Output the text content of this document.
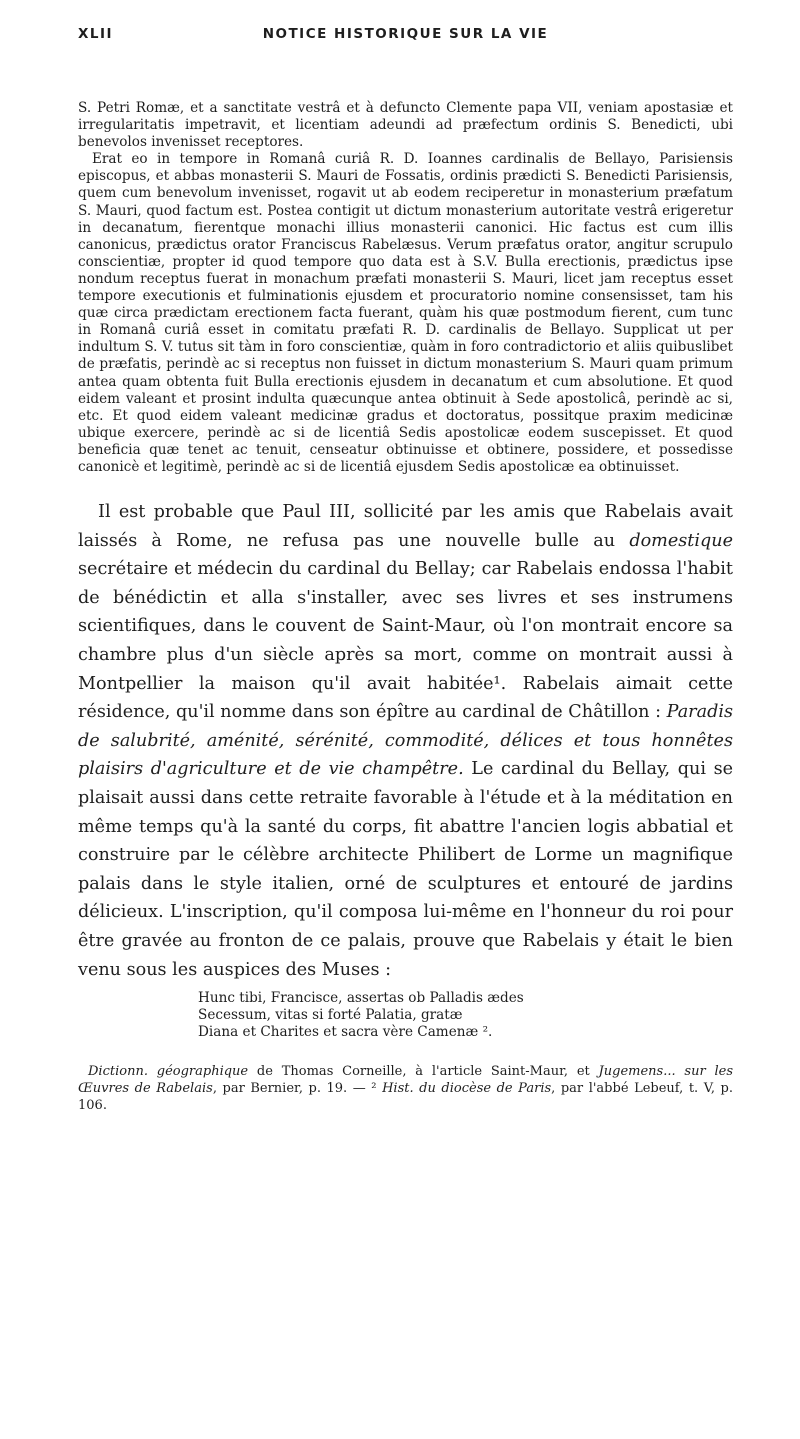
XLII	NOTICE HISTORIQUE SUR LA VIE

S. Petri Romæ, et a sanctitate vestrâ et à defuncto Clemente papa VII, veniam apostasiæ et irregularitatis impetravit, et licentiam adeundi ad præfectum ordinis S. Benedicti, ubi benevolos invenisset receptores.

Erat eo in tempore in Romanâ curiâ R. D. Ioannes cardinalis de Bellayo, Parisiensis episcopus, et abbas monasterii S. Mauri de Fossatis, ordinis prædicti S. Benedicti Parisiensis, quem cum benevolum invenisset, rogavit ut ab eodem reciperetur in monasterium præfatum S. Mauri, quod factum est. Postea contigit ut dictum monasterium autoritate vestrâ erigeretur in decanatum, fierentque monachi illius monasterii canonici. Hic factus est cum illis canonicus, prædictus orator Franciscus Rabelæsus. Verum præfatus orator, angitur scrupulo conscientiæ, propter id quod tempore quo data est à S.V. Bulla erectionis, prædictus ipse nondum receptus fuerat in monachum præfati monasterii S. Mauri, licet jam receptus esset tempore executionis et fulminationis ejusdem et procuratorio nomine consensisset, tam his quæ circa prædictam erectionem facta fuerant, quàm his quæ postmodum fierent, cum tunc in Romanâ curiâ esset in comitatu præfati R. D. cardinalis de Bellayo. Supplicat ut per indultum S. V. tutus sit tàm in foro conscientiæ, quàm in foro contradictorio et aliis quibuslibet de præfatis, perindè ac si receptus non fuisset in dictum monasterium S. Mauri quam primum antea quam obtenta fuit Bulla erectionis ejusdem in decanatum et cum absolutione. Et quod eidem valeant et prosint indulta quæcunque antea obtinuit à Sede apostolicâ, perindè ac si, etc. Et quod eidem valeant medicinæ gradus et doctoratus, possitque praxim medicinæ ubique exercere, perindè ac si de licentiâ Sedis apostolicæ eodem suscepisset. Et quod beneficia quæ tenet ac tenuit, censeatur obtinuisse et obtinere, possidere, et possedisse canonicè et legitimè, perindè ac si de licentiâ ejusdem Sedis apostolicæ ea obtinuisset.

Il est probable que Paul III, sollicité par les amis que Rabelais avait laissés à Rome, ne refusa pas une nouvelle bulle au domestique secrétaire et médecin du cardinal du Bellay; car Rabelais endossa l'habit de bénédictin et alla s'installer, avec ses livres et ses instrumens scientifiques, dans le couvent de Saint-Maur, où l'on montrait encore sa chambre plus d'un siècle après sa mort, comme on montrait aussi à Montpellier la maison qu'il avait habitée¹. Rabelais aimait cette résidence, qu'il nomme dans son épître au cardinal de Châtillon : Paradis de salubrité, aménité, sérénité, commodité, délices et tous honnêtes plaisirs d'agriculture et de vie champêtre. Le cardinal du Bellay, qui se plaisait aussi dans cette retraite favorable à l'étude et à la méditation en même temps qu'à la santé du corps, fit abattre l'ancien logis abbatial et construire par le célèbre architecte Philibert de Lorme un magnifique palais dans le style italien, orné de sculptures et entouré de jardins délicieux. L'inscription, qu'il composa lui-même en l'honneur du roi pour être gravée au fronton de ce palais, prouve que Rabelais y était le bien venu sous les auspices des Muses :

Hunc tibi, Francisce, assertas ob Palladis ædes
Secessum, vitas si forté Palatia, gratæ
Diana et Charites et sacra vère Camenæ ².

Dictionn. géographique de Thomas Corneille, à l'article Saint-Maur, et Jugemens... sur les Œuvres de Rabelais, par Bernier, p. 19. — ² Hist. du diocèse de Paris, par l'abbé Lebeuf, t. V, p. 106.
